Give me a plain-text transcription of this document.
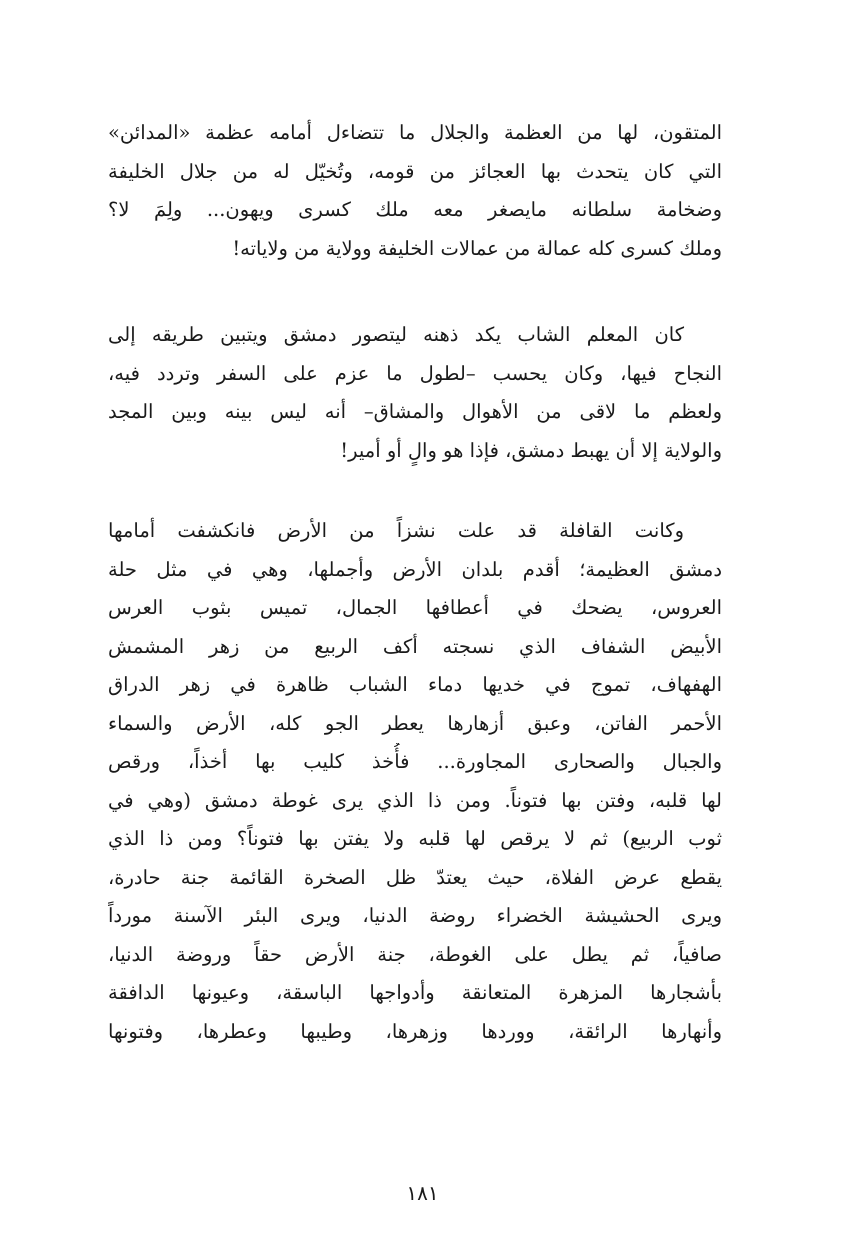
المتقون، لها من العظمة والجلال ما تتضاءل أمامه عظمة «المدائن»
التي كان يتحدث بها العجائز من قومه، وتُخيّل له من جلال الخليفة
وضخامة سلطانه مايصغر معه ملك كسرى ويهون... ولِمَ لا؟
وملك كسرى كله عمالة من عمالات الخليفة وولاية من ولاياته!
كان المعلم الشاب يكد ذهنه ليتصور دمشق ويتبين طريقه إلى
النجاح فيها، وكان يحسب –لطول ما عزم على السفر وتردد فيه،
ولعظم ما لاقى من الأهوال والمشاق– أنه ليس بينه وبين المجد
والولاية إلا أن يهبط دمشق، فإذا هو والٍ أو أمير!
وكانت القافلة قد علت نشزاً من الأرض فانكشفت أمامها
دمشق العظيمة؛ أقدم بلدان الأرض وأجملها، وهي في مثل حلة
العروس، يضحك في أعطافها الجمال، تميس بثوب العرس
الأبيض الشفاف الذي نسجته أكف الربيع من زهر المشمش
الهفهاف، تموج في خديها دماء الشباب ظاهرة في زهر الدراق
الأحمر الفاتن، وعبق أزهارها يعطر الجو كله، الأرض والسماء
والجبال والصحارى المجاورة... فأُخذ كليب بها أخذاً، ورقص
لها قلبه، وفتن بها فتوناً. ومن ذا الذي يرى غوطة دمشق (وهي في
ثوب الربيع) ثم لا يرقص لها قلبه ولا يفتن بها فتوناً؟ ومن ذا الذي
يقطع عرض الفلاة، حيث يعتدّ ظل الصخرة القائمة جنة حادرة،
ويرى الحشيشة الخضراء روضة الدنيا، ويرى البئر الآسنة مورداً
صافياً، ثم يطل على الغوطة، جنة الأرض حقاً وروضة الدنيا،
بأشجارها المزهرة المتعانقة وأدواجها الباسقة، وعيونها الدافقة
وأنهارها الرائقة، ووردها وزهرها، وطيبها وعطرها، وفتونها
١٨١
